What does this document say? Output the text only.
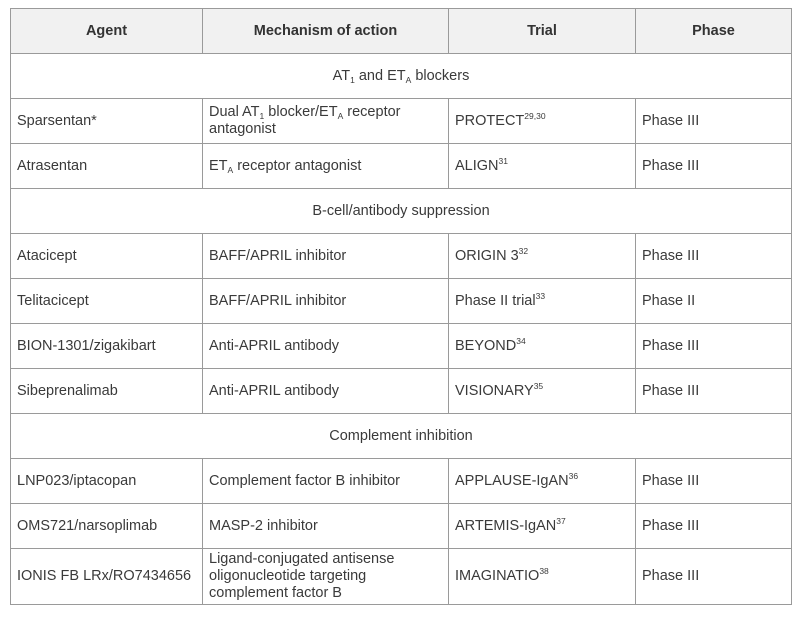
Agent	Mechanism of action	Trial	Phase
$AT_1$ and $ET_A$ blockers			
Sparsentan*	Dual $AT_1$ blocker/$ET_A$ receptor antagonist	PROTECT$^{29,30}$	Phase III
Atrasentan	$ET_A$ receptor antagonist	ALIGN$^{31}$	Phase III
B-cell/antibody suppression			
Atacicept	BAFF/APRIL inhibitor	ORIGIN $3^{32}$	Phase III
Telitacicept	BAFF/APRIL inhibitor	Phase II trial$^{33}$	Phase II
BION-1301/zigakibart	Anti-APRIL antibody	BEYOND$^{34}$	Phase III
Sibeprenalimab	Anti-APRIL antibody	VISIONARY$^{35}$	Phase III
Complement inhibition			
LNP023/iptacopan	Complement factor B inhibitor	APPLAUSE-IgAN$^{36}$	Phase III
OMS721/narsoplimab	MASP-2 inhibitor	ARTEMIS-IgAN$^{37}$	Phase III
IONIS FB LRx/RO7434656	Ligand-conjugated antisense oligonucleotide targeting complement factor B	IMAGINATIO$^{38}$	Phase III
